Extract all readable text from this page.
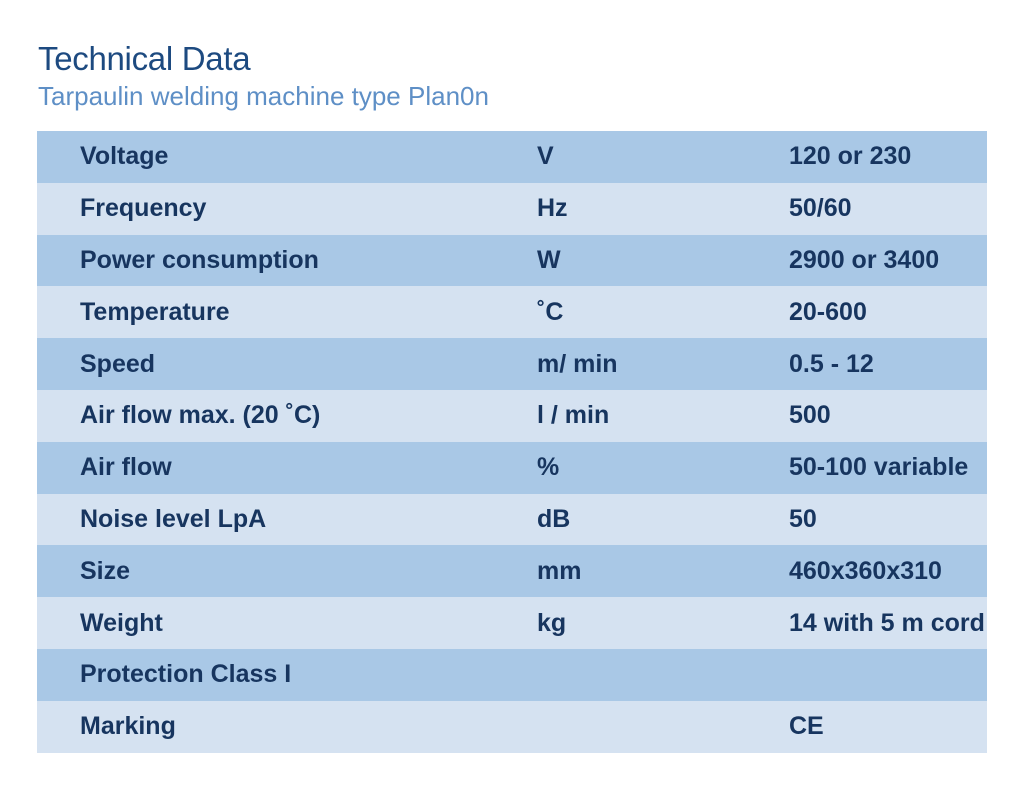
Technical Data
Tarpaulin welding machine type Plan0n
Voltage	V	120 or 230
Frequency	Hz	50/60
Power consumption	W	2900 or 3400
Temperature	˚C	20-600
Speed	m/ min	0.5 - 12
Air flow max. (20 ˚C)	l / min	500
Air flow	%	50-100 variable
Noise level LpA	dB	50
Size	mm	460x360x310
Weight	kg	14 with 5 m cord
Protection Class I		
Marking		CE
